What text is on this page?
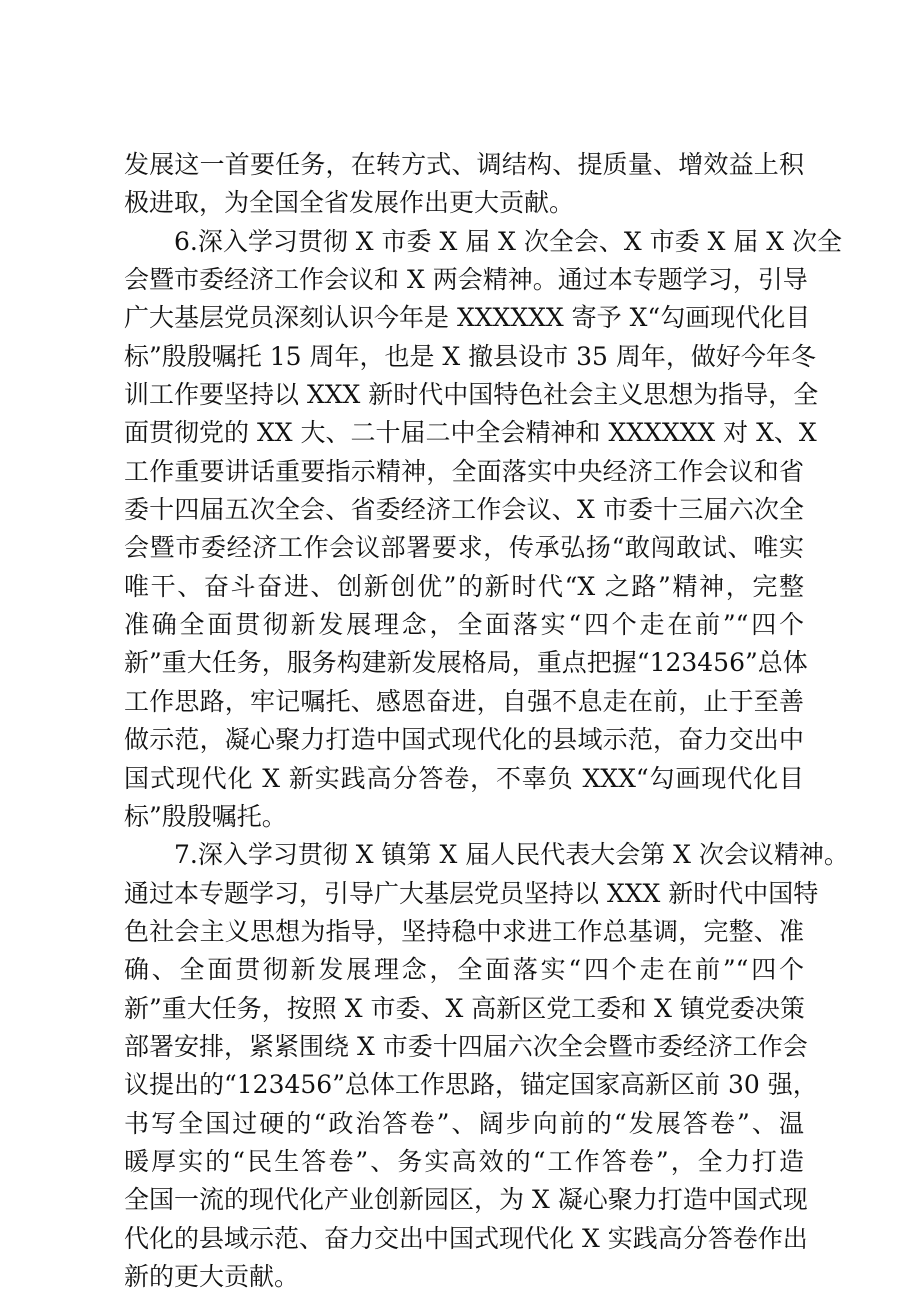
发展这一首要任务，在转方式、调结构、提质量、增效益上积
极进取，为全国全省发展作出更大贡献。
6.深入学习贯彻 X 市委 X 届 X 次全会、X 市委 X 届 X 次全
会暨市委经济工作会议和 X 两会精神。通过本专题学习，引导
广大基层党员深刻认识今年是 XXXXXX 寄予 X“勾画现代化目
标”殷殷嘱托 15 周年，也是 X 撤县设市 35 周年，做好今年冬
训工作要坚持以 XXX 新时代中国特色社会主义思想为指导，全
面贯彻党的 XX 大、二十届二中全会精神和 XXXXXX 对 X、X
工作重要讲话重要指示精神，全面落实中央经济工作会议和省
委十四届五次全会、省委经济工作会议、X 市委十三届六次全
会暨市委经济工作会议部署要求，传承弘扬“敢闯敢试、唯实
唯干、奋斗奋进、创新创优”的新时代“X 之路”精神，完整
准确全面贯彻新发展理念，全面落实“四个走在前”“四个
新”重大任务，服务构建新发展格局，重点把握“123456”总体
工作思路，牢记嘱托、感恩奋进，自强不息走在前，止于至善
做示范，凝心聚力打造中国式现代化的县域示范，奋力交出中
国式现代化 X 新实践高分答卷，不辜负 XXX“勾画现代化目
标”殷殷嘱托。
7.深入学习贯彻 X 镇第 X 届人民代表大会第 X 次会议精神。
通过本专题学习，引导广大基层党员坚持以 XXX 新时代中国特
色社会主义思想为指导，坚持稳中求进工作总基调，完整、准
确、全面贯彻新发展理念，全面落实“四个走在前”“四个
新”重大任务，按照 X 市委、X 高新区党工委和 X 镇党委决策
部署安排，紧紧围绕 X 市委十四届六次全会暨市委经济工作会
议提出的“123456”总体工作思路，锚定国家高新区前 30 强，
书写全国过硬的“政治答卷”、阔步向前的“发展答卷”、温
暖厚实的“民生答卷”、务实高效的“工作答卷”，全力打造
全国一流的现代化产业创新园区，为 X 凝心聚力打造中国式现
代化的县域示范、奋力交出中国式现代化 X 实践高分答卷作出
新的更大贡献。
